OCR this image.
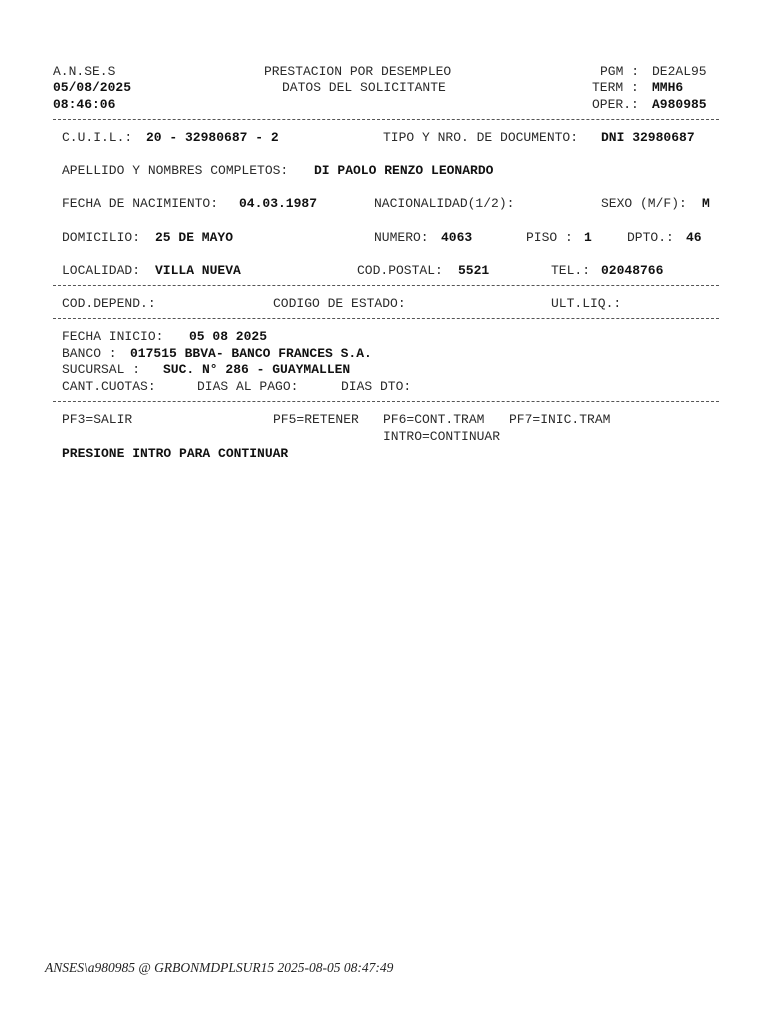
A.N.SE.S
05/08/2025
08:46:06
PRESTACION POR DESEMPLEO
DATOS DEL SOLICITANTE
PGM : DE2AL95
TERM : MMH6
OPER.: A980985
C.U.I.L.: 20 - 32980687 - 2	TIPO Y NRO. DE DOCUMENTO: DNI 32980687
APELLIDO Y NOMBRES COMPLETOS: DI PAOLO RENZO LEONARDO
FECHA DE NACIMIENTO: 04.03.1987	NACIONALIDAD(1/2):	SEXO (M/F): M
DOMICILIO: 25 DE MAYO	NUMERO: 4063	PISO : 1	DPTO.: 46
LOCALIDAD: VILLA NUEVA	COD.POSTAL: 5521	TEL.: 02048766
COD.DEPEND.:	CODIGO DE ESTADO:	ULT.LIQ.:
FECHA INICIO: 05 08 2025
BANCO : 017515 BBVA- BANCO FRANCES S.A.
SUCURSAL : SUC. N° 286 - GUAYMALLEN
CANT.CUOTAS:	DIAS AL PAGO:	DIAS DTO:
PF3=SALIR	PF5=RETENER PF6=CONT.TRAM PF7=INIC.TRAM
INTRO=CONTINUAR
PRESIONE INTRO PARA CONTINUAR
ANSES\a980985 @ GRBONMDPLSUR15 2025-08-05 08:47:49
